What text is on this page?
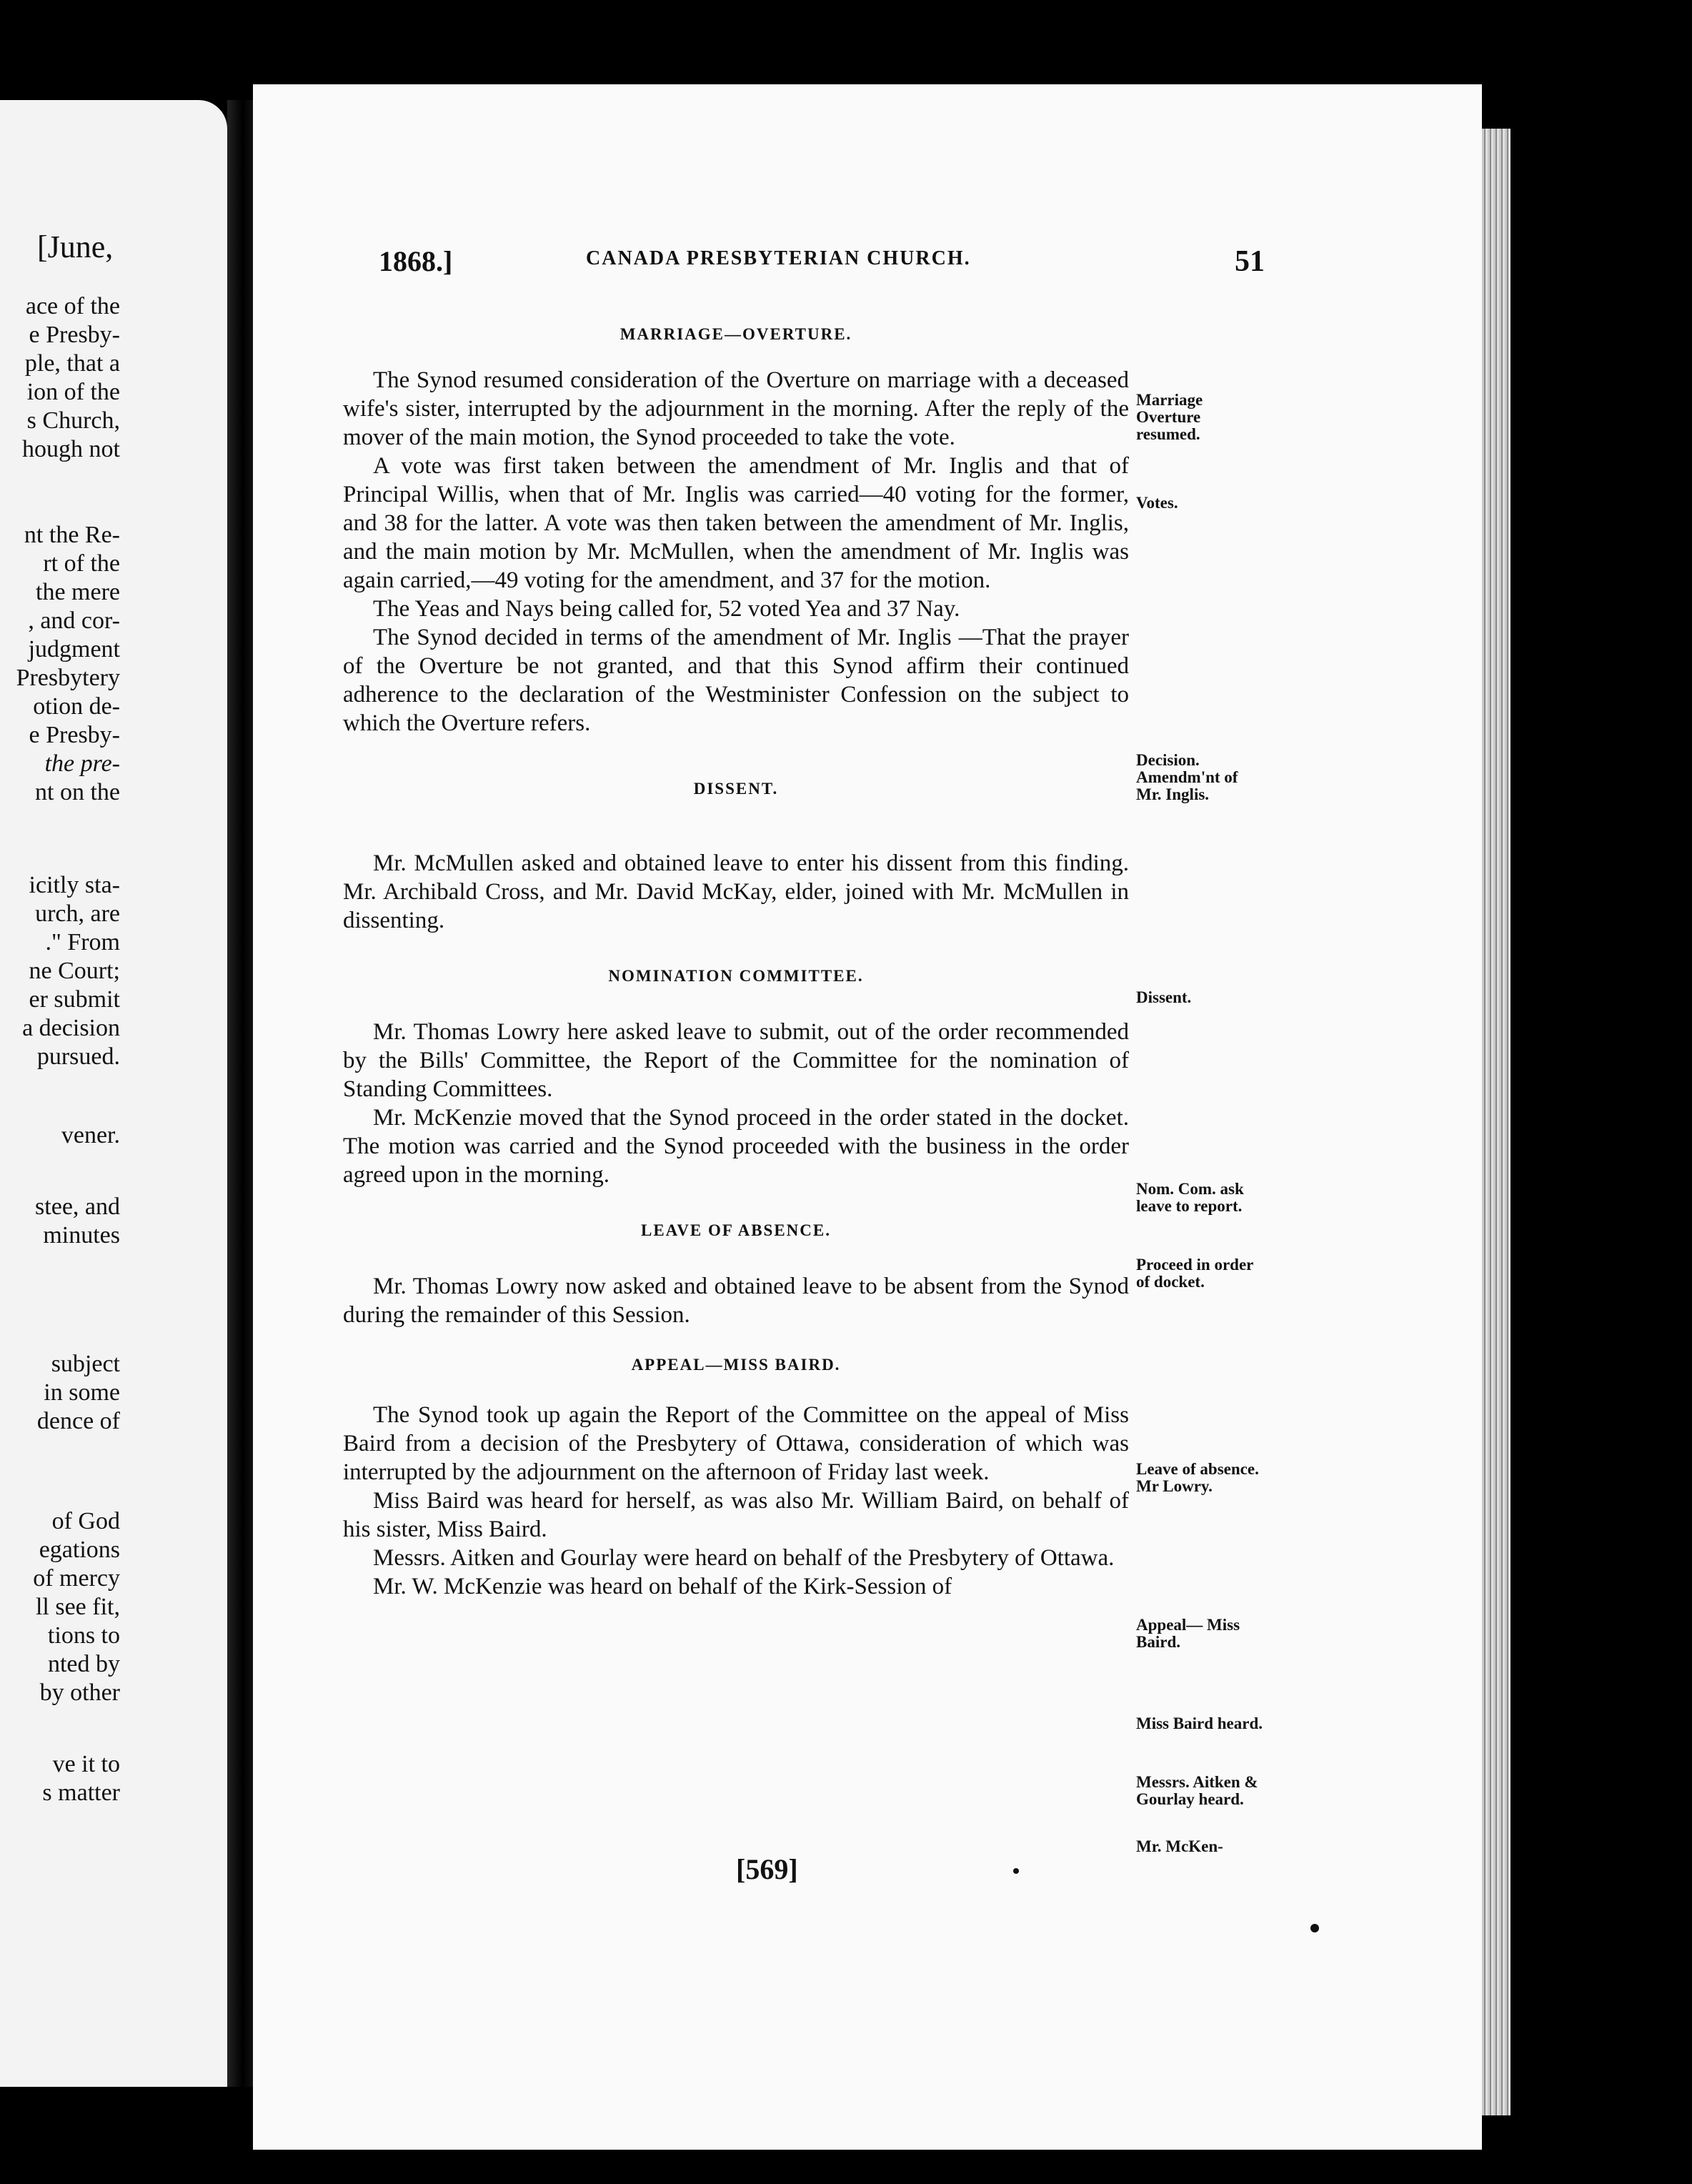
[June,
ace of the
e Presby-
ple, that a
ion of the
s Church,
hough not
nt the Re-
rt of the
the mere
, and cor-
judgment
Presbytery
otion de-
e Presby-
the pre-
nt on the
icitly sta-
urch, are
." From
ne Court;
er submit
a decision
pursued.
vener.
stee, and
minutes
subject
in some
dence of
of God
egations
of mercy
ll see fit,
tions to
nted by
by other
ve it to
s matter
1868.]	CANADA PRESBYTERIAN CHURCH.	51

MARRIAGE—OVERTURE.

The Synod resumed consideration of the Overture on marriage with a deceased wife's sister, interrupted by the adjournment in the morning. After the reply of the mover of the main motion, the Synod proceeded to take the vote.

A vote was first taken between the amendment of Mr. Inglis and that of Principal Willis, when that of Mr. Inglis was carried—40 voting for the former, and 38 for the latter. A vote was then taken between the amendment of Mr. Inglis, and the main motion by Mr. McMullen, when the amendment of Mr. Inglis was again carried,—49 voting for the amendment, and 37 for the motion.

The Yeas and Nays being called for, 52 voted Yea and 37 Nay.

The Synod decided in terms of the amendment of Mr. Inglis —That the prayer of the Overture be not granted, and that this Synod affirm their continued adherence to the declaration of the Westminister Confession on the subject to which the Overture refers.

DISSENT.

Mr. McMullen asked and obtained leave to enter his dissent from this finding. Mr. Archibald Cross, and Mr. David McKay, elder, joined with Mr. McMullen in dissenting.

NOMINATION COMMITTEE.

Mr. Thomas Lowry here asked leave to submit, out of the order recommended by the Bills' Committee, the Report of the Committee for the nomination of Standing Committees.

Mr. McKenzie moved that the Synod proceed in the order stated in the docket. The motion was carried and the Synod proceeded with the business in the order agreed upon in the morning.

LEAVE OF ABSENCE.

Mr. Thomas Lowry now asked and obtained leave to be absent from the Synod during the remainder of this Session.

APPEAL—MISS BAIRD.

The Synod took up again the Report of the Committee on the appeal of Miss Baird from a decision of the Presbytery of Ottawa, consideration of which was interrupted by the adjournment on the afternoon of Friday last week.

Miss Baird was heard for herself, as was also Mr. William Baird, on behalf of his sister, Miss Baird.

Messrs. Aitken and Gourlay were heard on behalf of the Presbytery of Ottawa.

Mr. W. McKenzie was heard on behalf of the Kirk-Session of

Marriage Overture resumed.
Votes.
Decision. Amendm'nt of Mr. Inglis.
Dissent.
Nom. Com. ask leave to report.
Proceed in order of docket.
Leave of absence. Mr Lowry.
Appeal— Miss Baird.
Miss Baird heard.
Messrs. Aitken & Gourlay heard.
Mr. McKen-
[569]
